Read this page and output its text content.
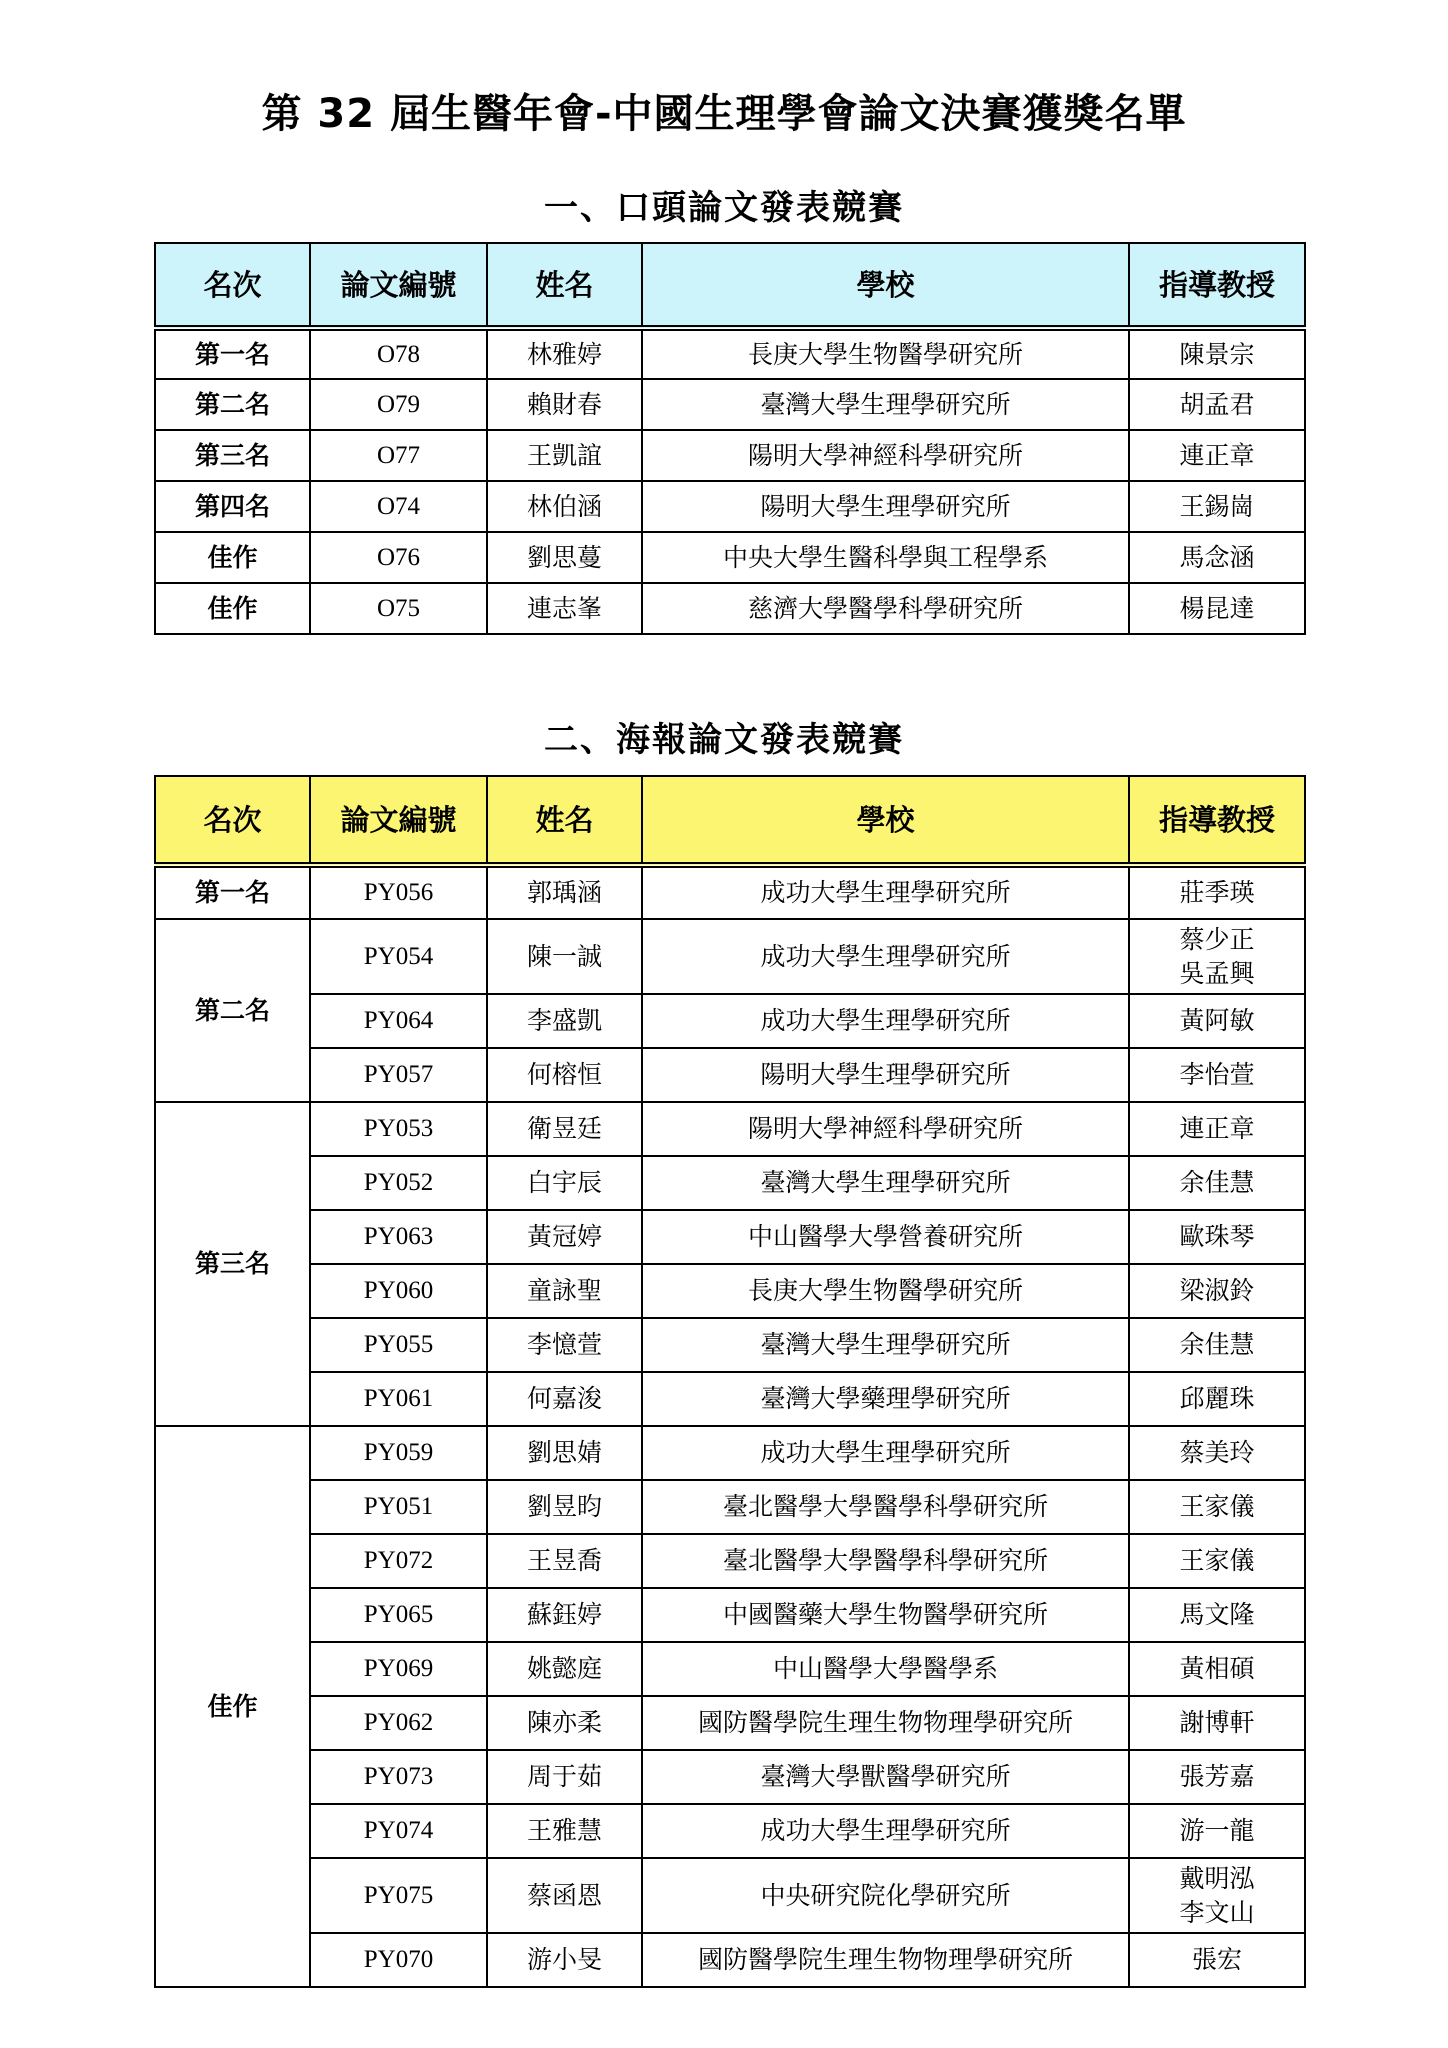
第 32 屆生醫年會-中國生理學會論文決賽獲獎名單
一、口頭論文發表競賽
名次	論文編號	姓名	學校	指導教授
第一名	O78	林雅婷	長庚大學生物醫學研究所	陳景宗
第二名	O79	賴財春	臺灣大學生理學研究所	胡孟君
第三名	O77	王凱誼	陽明大學神經科學研究所	連正章
第四名	O74	林伯涵	陽明大學生理學研究所	王錫崗
佳作	O76	劉思蔓	中央大學生醫科學與工程學系	馬念涵
佳作	O75	連志峯	慈濟大學醫學科學研究所	楊昆達
二、海報論文發表競賽
名次	論文編號	姓名	學校	指導教授
第一名	PY056	郭瑀涵	成功大學生理學研究所	莊季瑛
第二名	PY054	陳一誠	成功大學生理學研究所	蔡少正
吳孟興

	PY064	李盛凱	成功大學生理學研究所	黃阿敏
	PY057	何榕恒	陽明大學生理學研究所	李怡萱
第三名	PY053	衛昱廷	陽明大學神經科學研究所	連正章
	PY052	白宇辰	臺灣大學生理學研究所	余佳慧
	PY063	黃冠婷	中山醫學大學營養研究所	歐珠琴
	PY060	童詠聖	長庚大學生物醫學研究所	梁淑鈴
	PY055	李憶萱	臺灣大學生理學研究所	余佳慧
	PY061	何嘉浚	臺灣大學藥理學研究所	邱麗珠
佳作	PY059	劉思婧	成功大學生理學研究所	蔡美玲
	PY051	劉昱昀	臺北醫學大學醫學科學研究所	王家儀
	PY072	王昱喬	臺北醫學大學醫學科學研究所	王家儀
	PY065	蘇鈺婷	中國醫藥大學生物醫學研究所	馬文隆
	PY069	姚懿庭	中山醫學大學醫學系	黃相碩
	PY062	陳亦柔	國防醫學院生理生物物理學研究所	謝博軒
	PY073	周于茹	臺灣大學獸醫學研究所	張芳嘉
	PY074	王雅慧	成功大學生理學研究所	游一龍
	PY075	蔡函恩	中央研究院化學研究所	戴明泓
李文山

	PY070	游小旻	國防醫學院生理生物物理學研究所	張宏
